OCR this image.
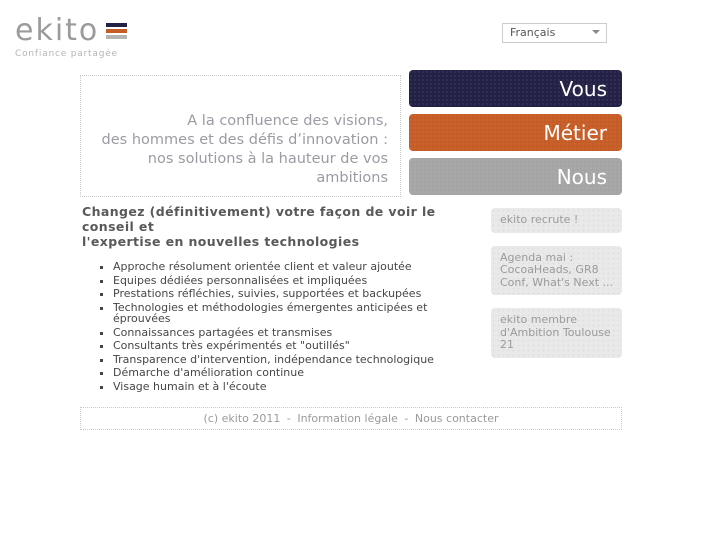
ekito
Confiance partagée
Français
A la confluence des visions,
des hommes et des défis d’innovation :
nos solutions à la hauteur de vos ambitions
Vous
Métier
Nous
Changez (définitivement) votre façon de voir le conseil et
l'expertise en nouvelles technologies
▪ Approche résolument orientée client et valeur ajoutée
▪ Equipes dédiées personnalisées et impliquées
▪ Prestations réfléchies, suivies, supportées et backupées
▪ Technologies et méthodologies émergentes anticipées et éprouvées
▪ Connaissances partagées et transmises
▪ Consultants très expérimentés et "outillés"
▪ Transparence d'intervention, indépendance technologique
▪ Démarche d'amélioration continue
▪ Visage humain et à l'écoute
ekito recrute !
Agenda mai : CocoaHeads, GR8 Conf, What's Next ...
ekito membre d'Ambition Toulouse 21
(c) ekito 2011 - Information légale - Nous contacter
